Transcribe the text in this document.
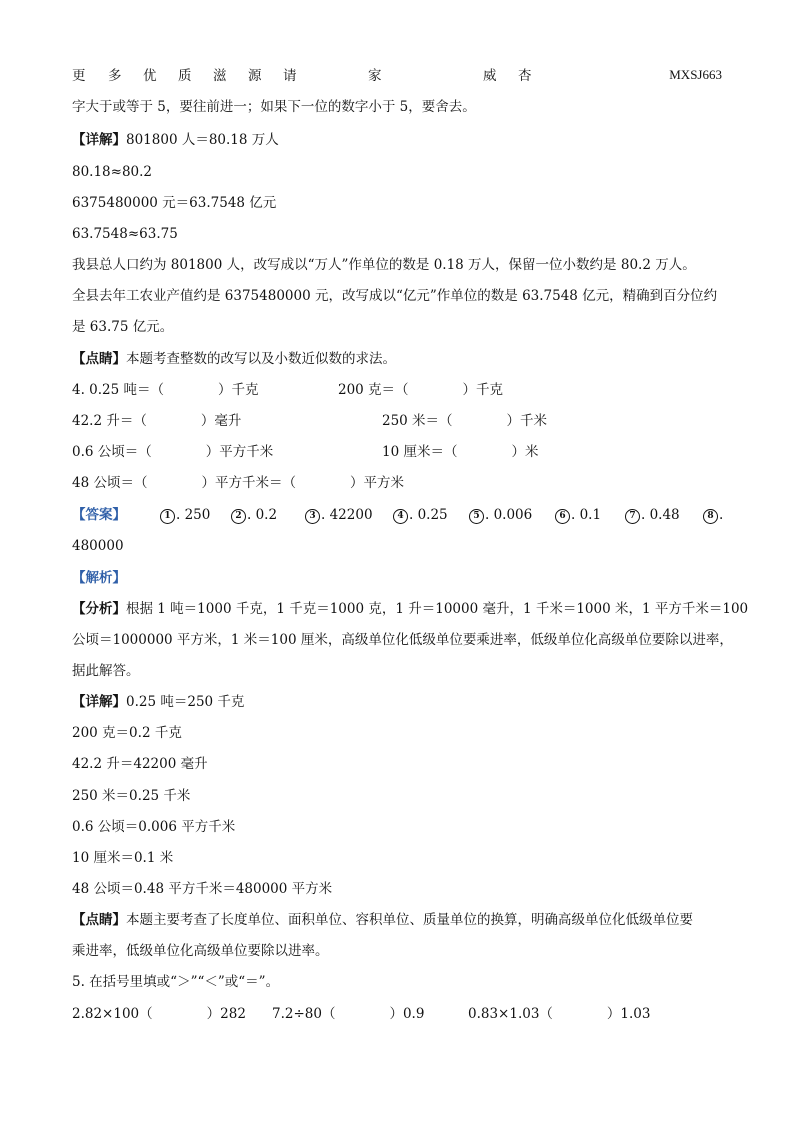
更 多 优 质 滋 源 请	家	威 杏	MXSJ663
字大于或等于 5，要往前进一；如果下一位的数字小于 5，要舍去。
【详解】801800 人＝80.18 万人
80.18≈80.2
6375480000 元＝63.7548 亿元
63.7548≈63.75
我县总人口约为 801800 人，改写成以“万人”作单位的数是 0.18 万人，保留一位小数约是 80.2 万人。
全县去年工农业产值约是 6375480000 元，改写成以“亿元”作单位的数是 63.7548 亿元，精确到百分位约
是 63.75 亿元。
【点睛】本题考查整数的改写以及小数近似数的求法。
4. 0.25 吨＝（　　　　）千克	200 克＝（　　　　）千克
42.2 升＝（　　　　）毫升	250 米＝（　　　　）千米
0.6 公顷＝（　　　　）平方千米	10 厘米＝（　　　　）米
48 公顷＝（　　　　）平方千米＝（　　　　）平方米
【答案】	1 . 250	2 . 0.2	3 . 42200	4 . 0.25	5 . 0.006	6 . 0.1	7 . 0.48	8 .
480000
【解析】
【分析】根据 1 吨＝1000 千克，1 千克＝1000 克，1 升＝10000 毫升，1 千米＝1000 米，1 平方千米＝100
公顷＝1000000 平方米，1 米＝100 厘米，高级单位化低级单位要乘进率，低级单位化高级单位要除以进率，
据此解答。
【详解】0.25 吨＝250 千克
200 克＝0.2 千克
42.2 升＝42200 毫升
250 米＝0.25 千米
0.6 公顷＝0.006 平方千米
10 厘米＝0.1 米
48 公顷＝0.48 平方千米＝480000 平方米
【点睛】本题主要考查了长度单位、面积单位、容积单位、质量单位的换算，明确高级单位化低级单位要
乘进率，低级单位化高级单位要除以进率。
5. 在括号里填或“＞”“＜”或“＝”。
2.82×100（　　　　）282 7.2÷80（　　　　）0.9	0.83×1.03（　　　　）1.03
